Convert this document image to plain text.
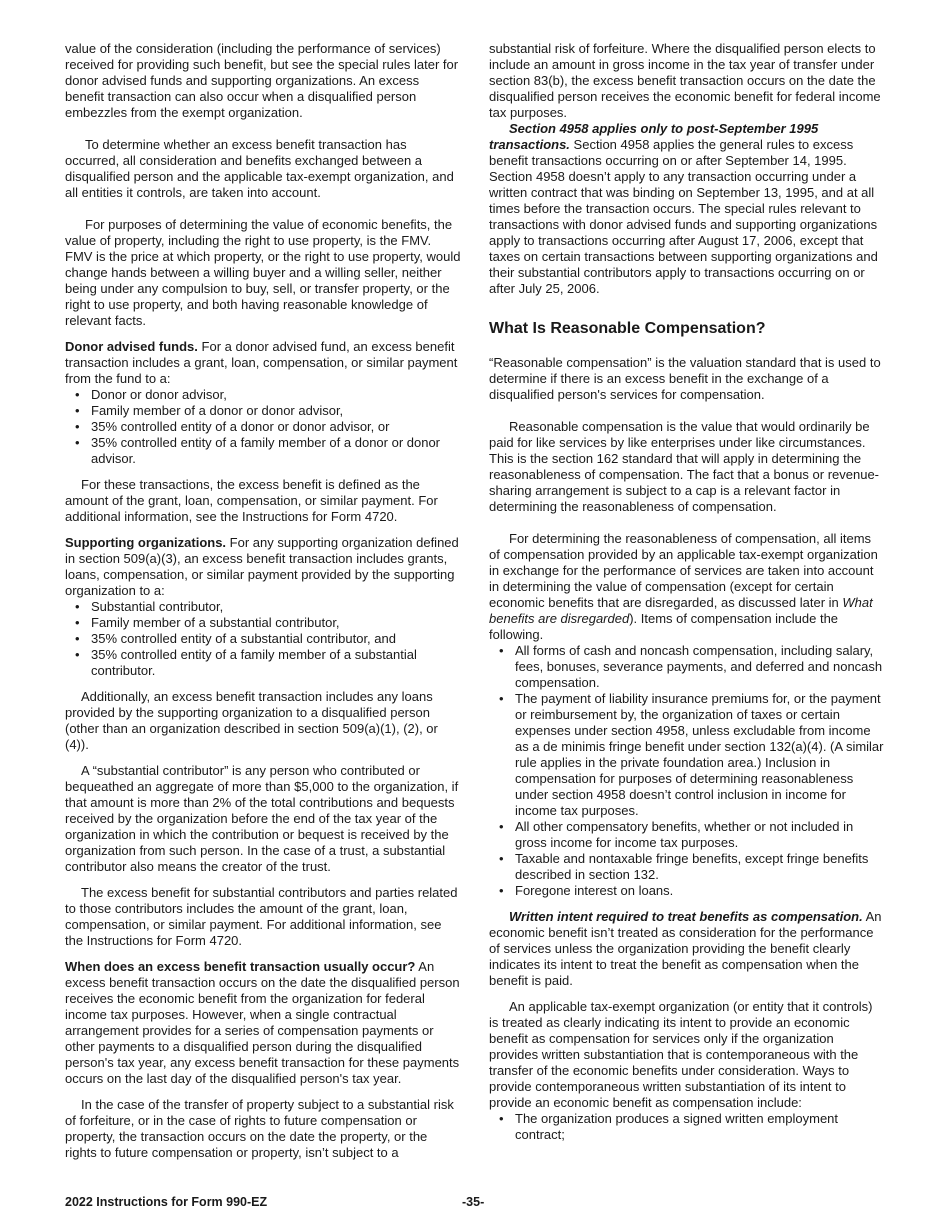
value of the consideration (including the performance of services) received for providing such benefit, but see the special rules later for donor advised funds and supporting organizations. An excess benefit transaction can also occur when a disqualified person embezzles from the exempt organization.

To determine whether an excess benefit transaction has occurred, all consideration and benefits exchanged between a disqualified person and the applicable tax-exempt organization, and all entities it controls, are taken into account.

For purposes of determining the value of economic benefits, the value of property, including the right to use property, is the FMV. FMV is the price at which property, or the right to use property, would change hands between a willing buyer and a willing seller, neither being under any compulsion to buy, sell, or transfer property, or the right to use property, and both having reasonable knowledge of relevant facts.

Donor advised funds. For a donor advised fund, an excess benefit transaction includes a grant, loan, compensation, or similar payment from the fund to a:

• Donor or donor advisor,
• Family member of a donor or donor advisor,
• 35% controlled entity of a donor or donor advisor, or
• 35% controlled entity of a family member of a donor or donor advisor.

For these transactions, the excess benefit is defined as the amount of the grant, loan, compensation, or similar payment. For additional information, see the Instructions for Form 4720.

Supporting organizations. For any supporting organization defined in section 509(a)(3), an excess benefit transaction includes grants, loans, compensation, or similar payment provided by the supporting organization to a:

• Substantial contributor,
• Family member of a substantial contributor,
• 35% controlled entity of a substantial contributor, and
• 35% controlled entity of a family member of a substantial contributor.

Additionally, an excess benefit transaction includes any loans provided by the supporting organization to a disqualified person (other than an organization described in section 509(a)(1), (2), or (4)).

A “substantial contributor” is any person who contributed or bequeathed an aggregate of more than $5,000 to the organization, if that amount is more than 2% of the total contributions and bequests received by the organization before the end of the tax year of the organization in which the contribution or bequest is received by the organization from such person. In the case of a trust, a substantial contributor also means the creator of the trust.

The excess benefit for substantial contributors and parties related to those contributors includes the amount of the grant, loan, compensation, or similar payment. For additional information, see the Instructions for Form 4720.

When does an excess benefit transaction usually occur? An excess benefit transaction occurs on the date the disqualified person receives the economic benefit from the organization for federal income tax purposes. However, when a single contractual arrangement provides for a series of compensation payments or other payments to a disqualified person during the disqualified person's tax year, any excess benefit transaction for these payments occurs on the last day of the disqualified person's tax year.

In the case of the transfer of property subject to a substantial risk of forfeiture, or in the case of rights to future compensation or property, the transaction occurs on the date the property, or the rights to future compensation or property, isn’t subject to a

substantial risk of forfeiture. Where the disqualified person elects to include an amount in gross income in the tax year of transfer under section 83(b), the excess benefit transaction occurs on the date the disqualified person receives the economic benefit for federal income tax purposes.

Section 4958 applies only to post-September 1995 transactions. Section 4958 applies the general rules to excess benefit transactions occurring on or after September 14, 1995. Section 4958 doesn’t apply to any transaction occurring under a written contract that was binding on September 13, 1995, and at all times before the transaction occurs. The special rules relevant to transactions with donor advised funds and supporting organizations apply to transactions occurring after August 17, 2006, except that taxes on certain transactions between supporting organizations and their substantial contributors apply to transactions occurring on or after July 25, 2006.

What Is Reasonable Compensation?

“Reasonable compensation” is the valuation standard that is used to determine if there is an excess benefit in the exchange of a disqualified person's services for compensation.

Reasonable compensation is the value that would ordinarily be paid for like services by like enterprises under like circumstances. This is the section 162 standard that will apply in determining the reasonableness of compensation. The fact that a bonus or revenue-sharing arrangement is subject to a cap is a relevant factor in determining the reasonableness of compensation.

For determining the reasonableness of compensation, all items of compensation provided by an applicable tax-exempt organization in exchange for the performance of services are taken into account in determining the value of compensation (except for certain economic benefits that are disregarded, as discussed later in What benefits are disregarded). Items of compensation include the following.

• All forms of cash and noncash compensation, including salary, fees, bonuses, severance payments, and deferred and noncash compensation.
• The payment of liability insurance premiums for, or the payment or reimbursement by, the organization of taxes or certain expenses under section 4958, unless excludable from income as a de minimis fringe benefit under section 132(a)(4). (A similar rule applies in the private foundation area.) Inclusion in compensation for purposes of determining reasonableness under section 4958 doesn’t control inclusion in income for income tax purposes.
• All other compensatory benefits, whether or not included in gross income for income tax purposes.
• Taxable and nontaxable fringe benefits, except fringe benefits described in section 132.
• Foregone interest on loans.

Written intent required to treat benefits as compensation. An economic benefit isn’t treated as consideration for the performance of services unless the organization providing the benefit clearly indicates its intent to treat the benefit as compensation when the benefit is paid.

An applicable tax-exempt organization (or entity that it controls) is treated as clearly indicating its intent to provide an economic benefit as compensation for services only if the organization provides written substantiation that is contemporaneous with the transfer of the economic benefits under consideration. Ways to provide contemporaneous written substantiation of its intent to provide an economic benefit as compensation include:

• The organization produces a signed written employment contract;
2022 Instructions for Form 990-EZ	-35-
